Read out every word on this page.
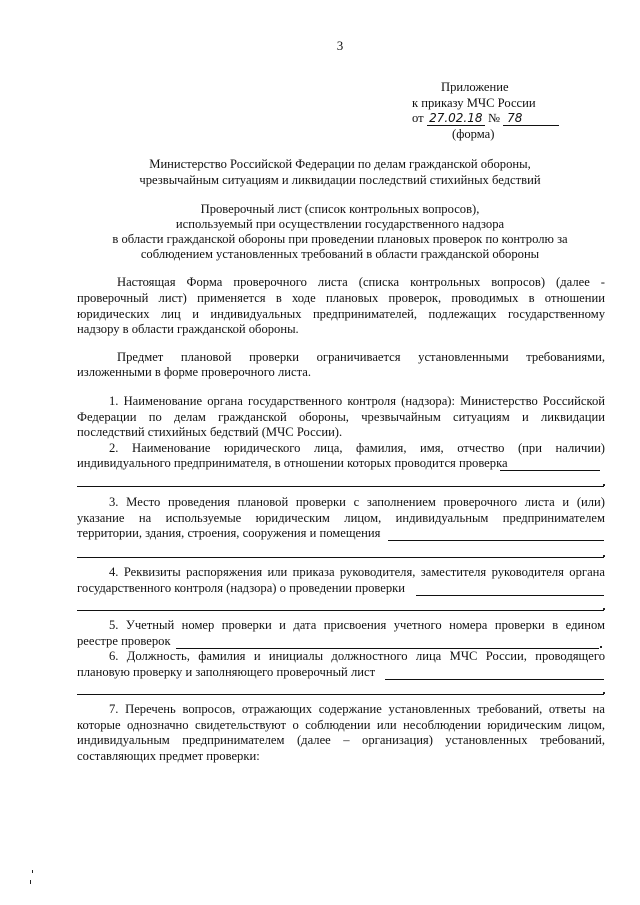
3
Приложение
к приказу МЧС России
от 27.02.18 № 78
(форма)
Министерство Российской Федерации по делам гражданской обороны,
чрезвычайным ситуациям и ликвидации последствий стихийных бедствий
Проверочный лист (список контрольных вопросов),
используемый при осуществлении государственного надзора
в области гражданской обороны при проведении плановых проверок по контролю за
соблюдением установленных требований в области гражданской обороны
Настоящая Форма проверочного листа (списка контрольных вопросов) (далее -
проверочный лист) применяется в ходе плановых проверок, проводимых в отношении
юридических лиц и индивидуальных предпринимателей, подлежащих государственному
надзору в области гражданской обороны.
Предмет плановой проверки ограничивается установленными требованиями,
изложенными в форме проверочного листа.
1. Наименование органа государственного контроля (надзора): Министерство Российской
Федерации по делам гражданской обороны, чрезвычайным ситуациям и ликвидации
последствий стихийных бедствий (МЧС России).
2. Наименование юридического лица, фамилия, имя, отчество (при наличии)
индивидуального предпринимателя, в отношении которых проводится проверка
3. Место проведения плановой проверки с заполнением проверочного листа и (или)
указание на используемые юридическим лицом, индивидуальным предпринимателем
территории, здания, строения, сооружения и помещения
4. Реквизиты распоряжения или приказа руководителя, заместителя руководителя органа
государственного контроля (надзора) о проведении проверки
5. Учетный номер проверки и дата присвоения учетного номера проверки в едином
реестре проверок
6. Должность, фамилия и инициалы должностного лица МЧС России, проводящего
плановую проверку и заполняющего проверочный лист
7. Перечень вопросов, отражающих содержание установленных требований, ответы на
которые однозначно свидетельствуют о соблюдении или несоблюдении юридическим лицом,
индивидуальным предпринимателем (далее – организация) установленных требований,
составляющих предмет проверки:
